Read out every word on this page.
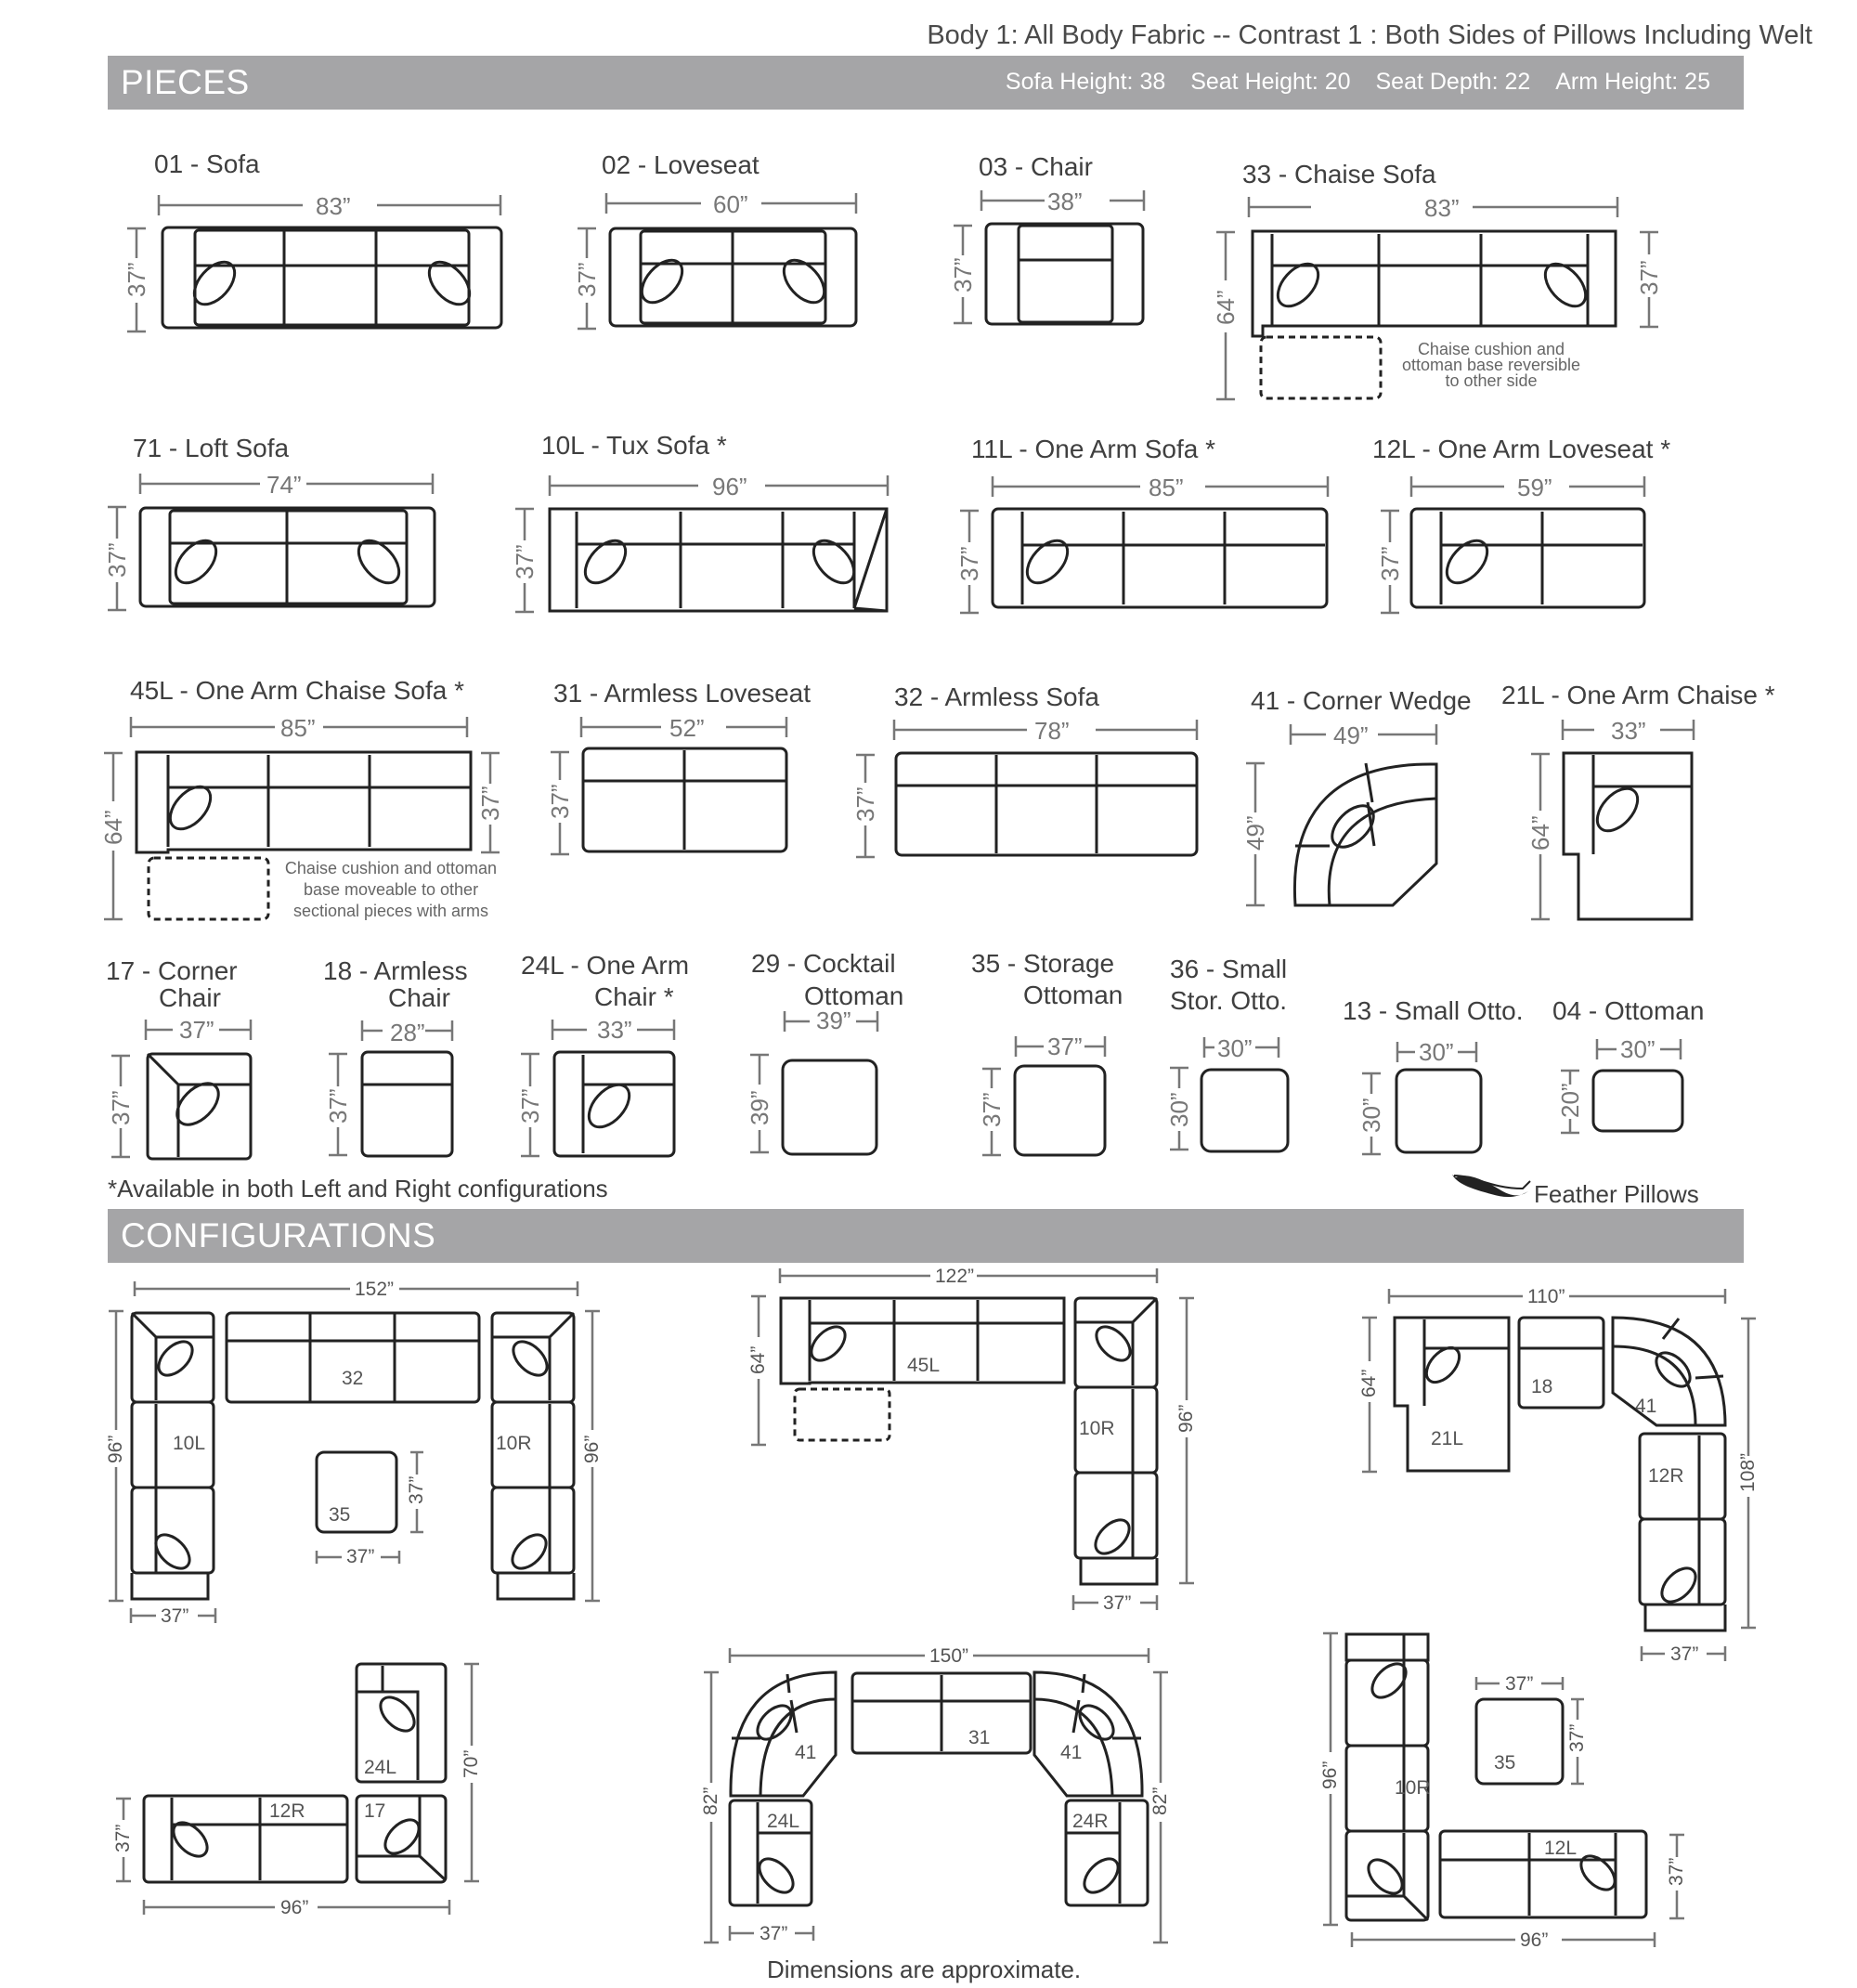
Body 1: All Body Fabric -- Contrast 1 : Both Sides of Pillows Including Welt
PIECES	Sofa Height: 38 Seat Height: 20 Seat Depth: 22 Arm Height: 25
CONFIGURATIONS
01 - Sofa	02 - Loveseat	03 - Chair	33 - Chaise Sofa
71 - Loft Sofa	10L - Tux Sofa *	11L - One Arm Sofa *	12L - One Arm Loveseat *
45L - One Arm Chaise Sofa *	31 - Armless Loveseat	32 - Armless Sofa	41 - Corner Wedge 21L - One Arm Chaise *
17 - Corner
Chair
18 - Armless
Chair
24L - One Arm
Chair *
29 - Cocktail
Ottoman
35 - Storage
Ottoman
36 - Small
Stor. Otto. 13 - Small Otto. 04 - Ottoman
*Available in both Left and Right configurations	Feather Pillows
Dimensions are approximate.
83”
37”
60”
37”
38”
37”
83”
64”
37”
Chaise cushion and
ottoman base reversible
to other side
74”
37”
96”
37”
85”
37”
59”
37”
85”
64”
37”
Chaise cushion and ottoman
base moveable to other
sectional pieces with arms
52”
37”
78”
37”
49”
49”
33”
64”
37”
37”
28”
37”
33”
37”
39”
39”
37”
37”
30”
30”
30”
30”
30”
20”
152”
96”	96”
37”
10L
32
10R
35
37”
37”
122”
64”
96”
37”
45L
10R
110”
64”
108”
37”
21L
18
41
12R
96”
37”
70”
24L
12R	17
150”
82”	82”
37”
41
31
41
24L	24R
96”
96”
37”
10R
12L
35
37”
37”
